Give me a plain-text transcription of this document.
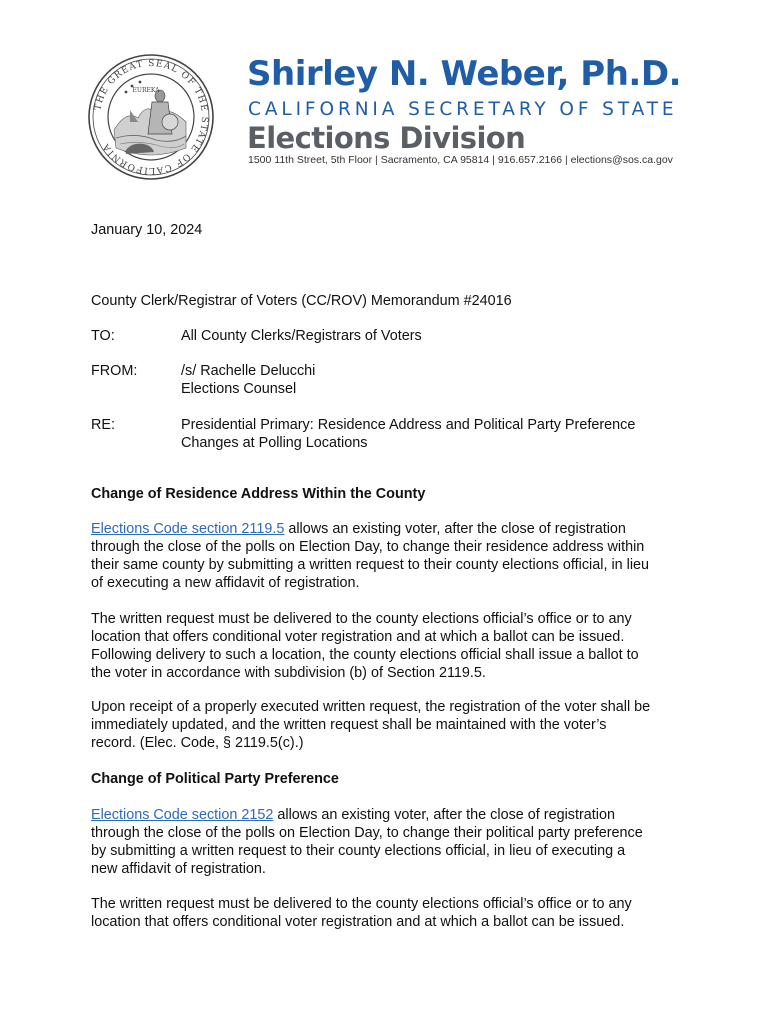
THE GREAT SEAL OF THE STATE OF CALIFORNIA
EUREKA	Shirley N. Weber, Ph.D.
CALIFORNIA SECRETARY OF STATE
Elections Division
1500 11th Street, 5th Floor | Sacramento, CA 95814 | 916.657.2166 | elections@sos.ca.gov
January 10, 2024
County Clerk/Registrar of Voters (CC/ROV) Memorandum #24016
TO:	All County Clerks/Registrars of Voters
FROM:	/s/ Rachelle Delucchi
Elections Counsel
RE:	Presidential Primary: Residence Address and Political Party Preference
Changes at Polling Locations
Change of Residence Address Within the County
Elections Code section 2119.5 allows an existing voter, after the close of registration
through the close of the polls on Election Day, to change their residence address within
their same county by submitting a written request to their county elections official, in lieu
of executing a new affidavit of registration.
The written request must be delivered to the county elections official’s office or to any
location that offers conditional voter registration and at which a ballot can be issued.
Following delivery to such a location, the county elections official shall issue a ballot to
the voter in accordance with subdivision (b) of Section 2119.5.
Upon receipt of a properly executed written request, the registration of the voter shall be
immediately updated, and the written request shall be maintained with the voter’s
record. (Elec. Code, § 2119.5(c).)
Change of Political Party Preference
Elections Code section 2152 allows an existing voter, after the close of registration
through the close of the polls on Election Day, to change their political party preference
by submitting a written request to their county elections official, in lieu of executing a
new affidavit of registration.
The written request must be delivered to the county elections official’s office or to any
location that offers conditional voter registration and at which a ballot can be issued.
